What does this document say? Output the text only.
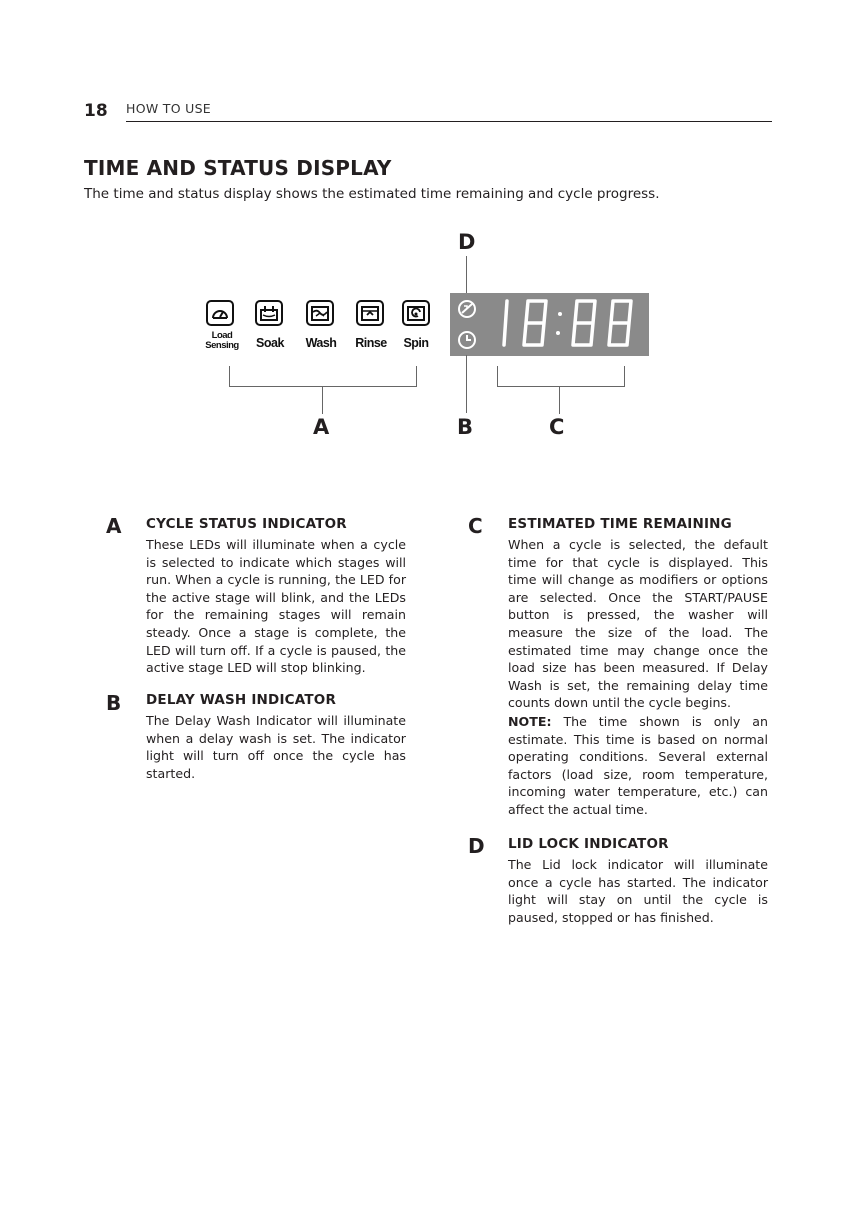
18 HOW TO USE
TIME AND STATUS DISPLAY
The time and status display shows the estimated time remaining and cycle progress.
D
Load
Sensing	Soak	Wash	Rinse	Spin
A	B	C
A CYCLE STATUS INDICATOR
These LEDs will illuminate when a cycle is selected to indicate which stages will run. When a cycle is running, the LED for the active stage will blink, and the LEDs for the remaining stages will remain steady. Once a stage is complete, the LED will turn off. If a cycle is paused, the active stage LED will stop blinking.
B DELAY WASH INDICATOR
The Delay Wash Indicator will illuminate when a delay wash is set. The indicator light will turn off once the cycle has started.
C ESTIMATED TIME REMAINING
When a cycle is selected, the default time for that cycle is displayed. This time will change as modifiers or options are selected. Once the START/PAUSE button is pressed, the washer will measure the size of the load. The estimated time may change once the load size has been measured. If Delay Wash is set, the remaining delay time counts down until the cycle begins.
NOTE: The time shown is only an estimate. This time is based on normal operating conditions. Several external factors (load size, room temperature, incoming water temperature, etc.) can affect the actual time.
D LID LOCK INDICATOR
The Lid lock indicator will illuminate once a cycle has started. The indicator light will stay on until the cycle is paused, stopped or has finished.
